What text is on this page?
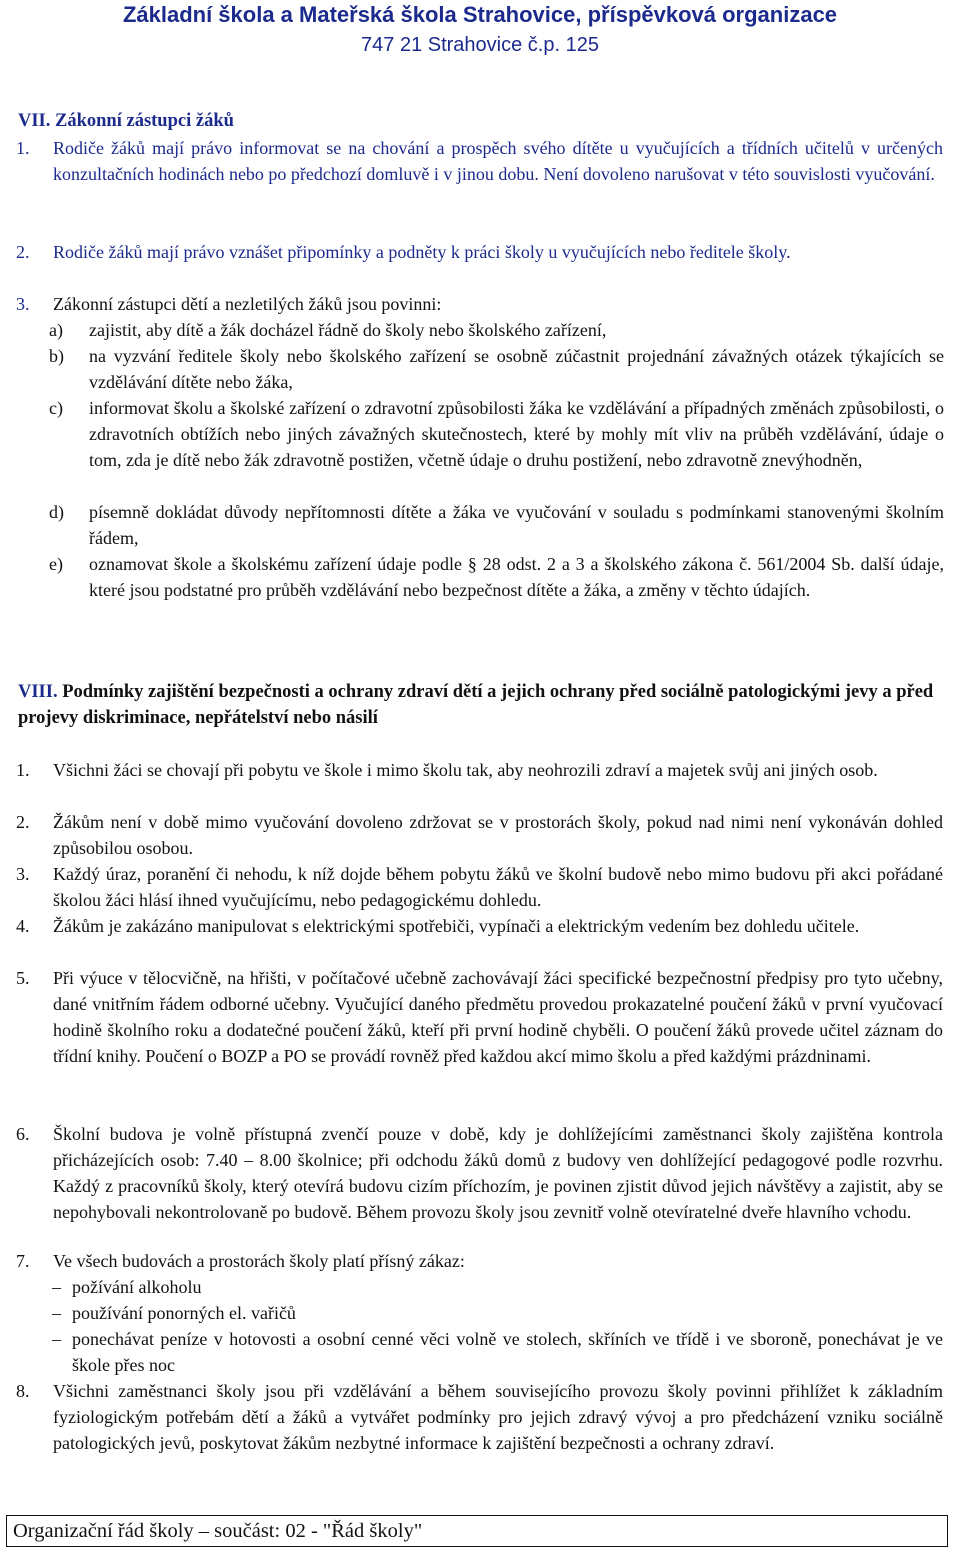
Základní škola a Mateřská škola Strahovice, příspěvková organizace
747 21 Strahovice č.p. 125
VII. Zákonní zástupci žáků
1. Rodiče žáků mají právo informovat se na chování a prospěch svého dítěte u vyučujících a třídních učitelů v určených konzultačních hodinách nebo po předchozí domluvě i v jinou dobu. Není dovoleno narušovat v této souvislosti vyučování.
2. Rodiče žáků mají právo vznášet připomínky a podněty k práci školy u vyučujících nebo ředitele školy.
3. Zákonní zástupci dětí a nezletilých žáků jsou povinni:
a) zajistit, aby dítě a žák docházel řádně do školy nebo školského zařízení,
b) na vyzvání ředitele školy nebo školského zařízení se osobně zúčastnit projednání závažných otázek týkajících se vzdělávání dítěte nebo žáka,
c) informovat školu a školské zařízení o zdravotní způsobilosti žáka ke vzdělávání a případných změnách způsobilosti, o zdravotních obtížích nebo jiných závažných skutečnostech, které by mohly mít vliv na průběh vzdělávání, údaje o tom, zda je dítě nebo žák zdravotně postižen, včetně údaje o druhu postižení, nebo zdravotně znevýhodněn,
d) písemně dokládat důvody nepřítomnosti dítěte a žáka ve vyučování v souladu s podmínkami stanovenými školním řádem,
e) oznamovat škole a školskému zařízení údaje podle § 28 odst. 2 a 3 a školského zákona č. 561/2004 Sb. další údaje, které jsou podstatné pro průběh vzdělávání nebo bezpečnost dítěte a žáka, a změny v těchto údajích.
VIII. Podmínky zajištění bezpečnosti a ochrany zdraví dětí a jejich ochrany před sociálně patologickými jevy a před projevy diskriminace, nepřátelství nebo násilí
1. Všichni žáci se chovají při pobytu ve škole i mimo školu tak, aby neohrozili zdraví a majetek svůj ani jiných osob.
2. Žákům není v době mimo vyučování dovoleno zdržovat se v prostorách školy, pokud nad nimi není vykonáván dohled způsobilou osobou.
3. Každý úraz, poranění či nehodu, k níž dojde během pobytu žáků ve školní budově nebo mimo budovu při akci pořádané školou žáci hlásí ihned vyučujícímu, nebo pedagogickému dohledu.
4. Žákům je zakázáno manipulovat s elektrickými spotřebiči, vypínači a elektrickým vedením bez dohledu učitele.
5. Při výuce v tělocvičně, na hřišti, v počítačové učebně zachovávají žáci specifické bezpečnostní předpisy pro tyto učebny, dané vnitřním řádem odborné učebny. Vyučující daného předmětu provedou prokazatelné poučení žáků v první vyučovací hodině školního roku a dodatečné poučení žáků, kteří při první hodině chyběli. O poučení žáků provede učitel záznam do třídní knihy. Poučení o BOZP a PO se provádí rovněž před každou akcí mimo školu a před každými prázdninami.
6. Školní budova je volně přístupná zvenčí pouze v době, kdy je dohlížejícími zaměstnanci školy zajištěna kontrola přicházejících osob: 7.40 – 8.00 školnice; při odchodu žáků domů z budovy ven dohlížející pedagogové podle rozvrhu. Každý z pracovníků školy, který otevírá budovu cizím příchozím, je povinen zjistit důvod jejich návštěvy a zajistit, aby se nepohybovali nekontrolovaně po budově. Během provozu školy jsou zevnitř volně otevíratelné dveře hlavního vchodu.
7. Ve všech budovách a prostorách školy platí přísný zákaz:
– požívání alkoholu
– používání ponorných el. vařičů
– ponechávat peníze v hotovosti a osobní cenné věci volně ve stolech, skříních ve třídě i ve sboroně, ponechávat je ve škole přes noc
8. Všichni zaměstnanci školy jsou při vzdělávání a během souvisejícího provozu školy povinni přihlížet k základním fyziologickým potřebám dětí a žáků a vytvářet podmínky pro jejich zdravý vývoj a pro předcházení vzniku sociálně patologických jevů, poskytovat žákům nezbytné informace k zajištění bezpečnosti a ochrany zdraví.
Organizační řád školy – součást: 02 - "Řád školy"
